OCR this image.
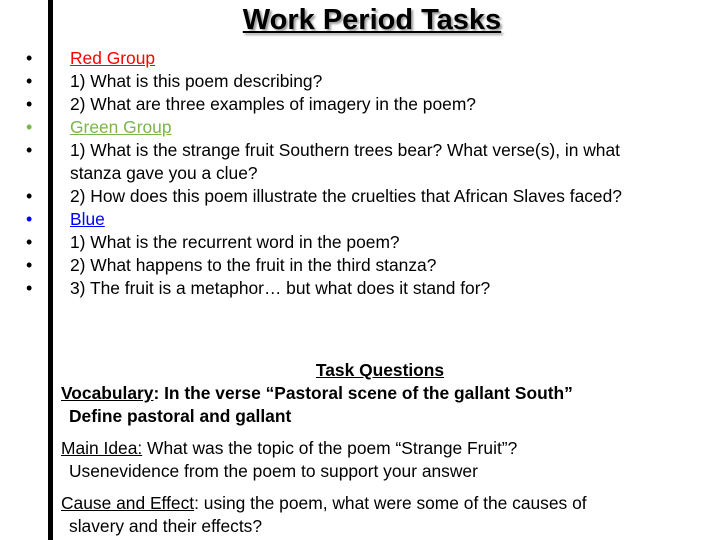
Work Period Tasks
• Red Group
• 1) What is this poem describing?
• 2) What are three examples of imagery in the poem?
• Green Group
• 1) What is the strange fruit Southern trees bear? What verse(s), in what
stanza gave you a clue?
• 2) How does this poem illustrate the cruelties that African Slaves faced?
• Blue
• 1) What is the recurrent word in the poem?
• 2) What happens to the fruit in the third stanza?
• 3) The fruit is a metaphor… but what does it stand for?
Task Questions
Vocabulary: In the verse “Pastoral scene of the gallant South”
Define pastoral and gallant
Main Idea: What was the topic of the poem “Strange Fruit”?
Usenevidence from the poem to support your answer
Cause and Effect: using the poem, what were some of the causes of
slavery and their effects?
